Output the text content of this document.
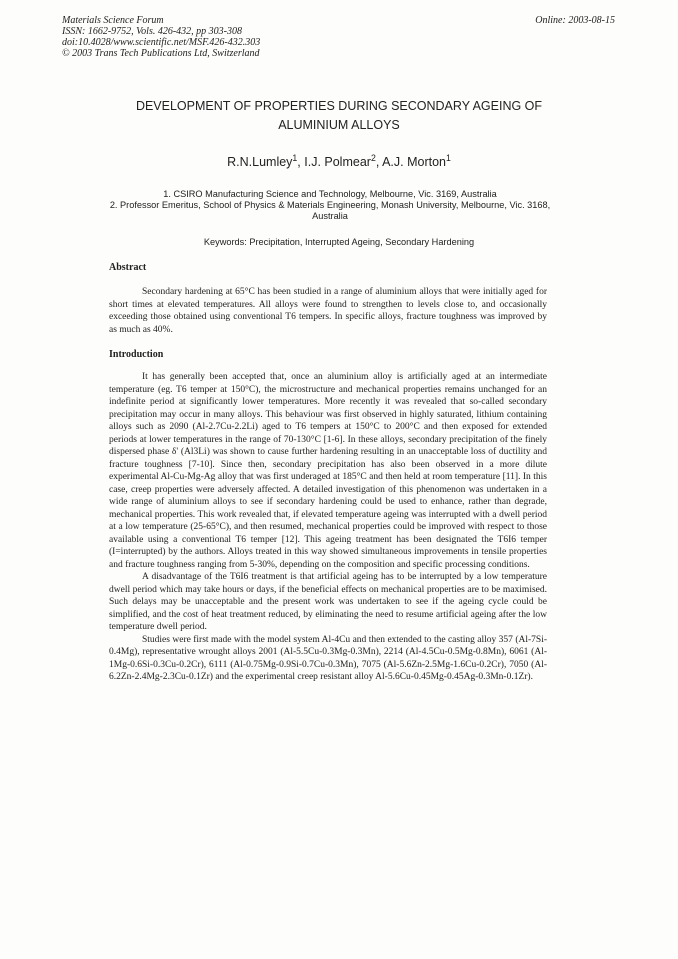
Materials Science Forum
ISSN: 1662-9752, Vols. 426-432, pp 303-308
doi:10.4028/www.scientific.net/MSF.426-432.303
© 2003 Trans Tech Publications Ltd, Switzerland
Online: 2003-08-15
DEVELOPMENT OF PROPERTIES DURING SECONDARY AGEING OF
ALUMINIUM ALLOYS
R.N.Lumley$^1$, I.J. Polmear$^2$, A.J. Morton$^1$
1. CSIRO Manufacturing Science and Technology, Melbourne, Vic. 3169, Australia
2. Professor Emeritus, School of Physics & Materials Engineering, Monash University, Melbourne, Vic. 3168, Australia
Keywords: Precipitation, Interrupted Ageing, Secondary Hardening
Abstract

Secondary hardening at 65°C has been studied in a range of aluminium alloys that were initially aged for short times at elevated temperatures. All alloys were found to strengthen to levels close to, and occasionally exceeding those obtained using conventional T6 tempers. In specific alloys, fracture toughness was improved by as much as 40%.

Introduction

It has generally been accepted that, once an aluminium alloy is artificially aged at an intermediate temperature (eg. T6 temper at 150°C), the microstructure and mechanical properties remains unchanged for an indefinite period at significantly lower temperatures. More recently it was revealed that so-called secondary precipitation may occur in many alloys. This behaviour was first observed in highly saturated, lithium containing alloys such as 2090 (Al-2.7Cu-2.2Li) aged to T6 tempers at 150°C to 200°C and then exposed for extended periods at lower temperatures in the range of 70-130°C [1-6]. In these alloys, secondary precipitation of the finely dispersed phase δ' (Al3Li) was shown to cause further hardening resulting in an unacceptable loss of ductility and fracture toughness [7-10]. Since then, secondary precipitation has also been observed in a more dilute experimental Al-Cu-Mg-Ag alloy that was first underaged at 185°C and then held at room temperature [11]. In this case, creep properties were adversely affected. A detailed investigation of this phenomenon was undertaken in a wide range of aluminium alloys to see if secondary hardening could be used to enhance, rather than degrade, mechanical properties. This work revealed that, if elevated temperature ageing was interrupted with a dwell period at a low temperature (25-65°C), and then resumed, mechanical properties could be improved with respect to those available using a conventional T6 temper [12]. This ageing treatment has been designated the T6I6 temper (I=interrupted) by the authors. Alloys treated in this way showed simultaneous improvements in tensile properties and fracture toughness ranging from 5-30%, depending on the composition and specific processing conditions.

A disadvantage of the T6I6 treatment is that artificial ageing has to be interrupted by a low temperature dwell period which may take hours or days, if the beneficial effects on mechanical properties are to be maximised. Such delays may be unacceptable and the present work was undertaken to see if the ageing cycle could be simplified, and the cost of heat treatment reduced, by eliminating the need to resume artificial ageing after the low temperature dwell period.

Studies were first made with the model system Al-4Cu and then extended to the casting alloy 357 (Al-7Si-0.4Mg), representative wrought alloys 2001 (Al-5.5Cu-0.3Mg-0.3Mn), 2214 (Al-4.5Cu-0.5Mg-0.8Mn), 6061 (Al-1Mg-0.6Si-0.3Cu-0.2Cr), 6111 (Al-0.75Mg-0.9Si-0.7Cu-0.3Mn), 7075 (Al-5.6Zn-2.5Mg-1.6Cu-0.2Cr), 7050 (Al-6.2Zn-2.4Mg-2.3Cu-0.1Zr) and the experimental creep resistant alloy Al-5.6Cu-0.45Mg-0.45Ag-0.3Mn-0.1Zr).
